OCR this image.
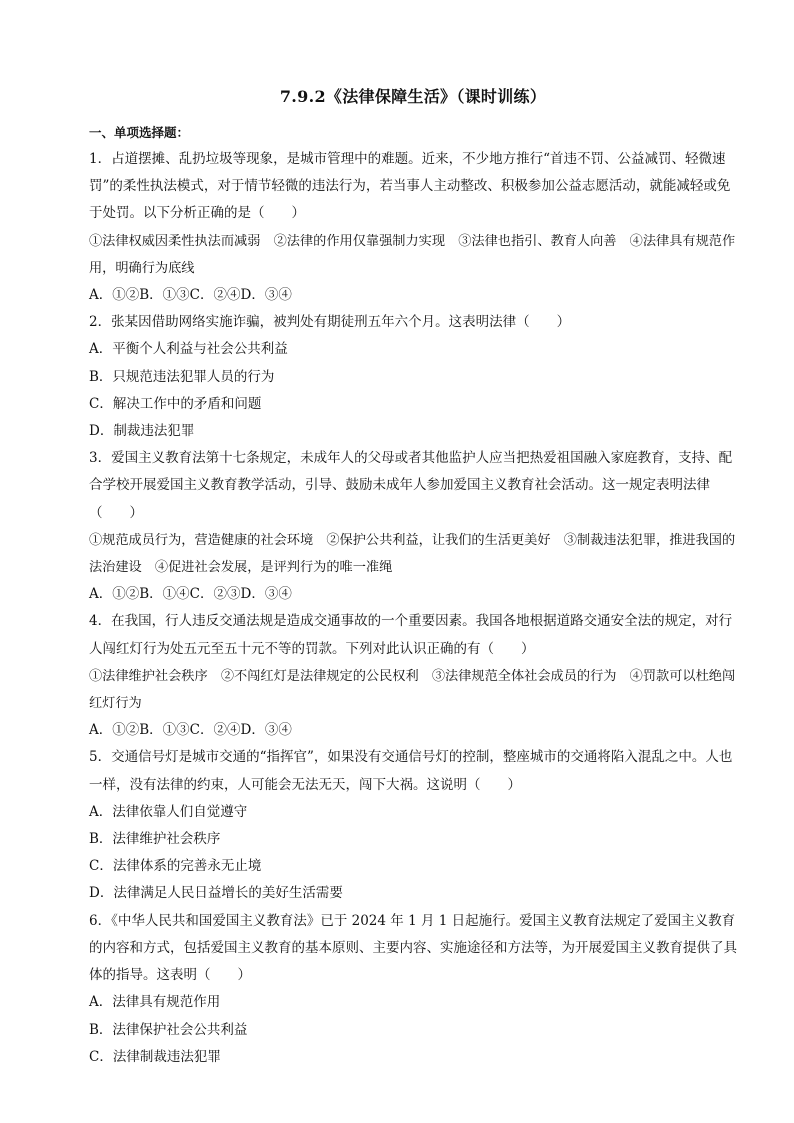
7.9.2《法律保障生活》（课时训练）
一、单项选择题：
1．占道摆摊、乱扔垃圾等现象，是城市管理中的难题。近来，不少地方推行“首违不罚、公益减罚、轻微速罚”的柔性执法模式，对于情节轻微的违法行为，若当事人主动整改、积极参加公益志愿活动，就能减轻或免于处罚。以下分析正确的是（　　）
①法律权威因柔性执法而减弱　②法律的作用仅靠强制力实现　③法律也指引、教育人向善　④法律具有规范作用，明确行为底线
A．①②B．①③C．②④D．③④
2．张某因借助网络实施诈骗，被判处有期徒刑五年六个月。这表明法律（　　）
A．平衡个人利益与社会公共利益
B．只规范违法犯罪人员的行为
C．解决工作中的矛盾和问题
D．制裁违法犯罪
3．爱国主义教育法第十七条规定，未成年人的父母或者其他监护人应当把热爱祖国融入家庭教育，支持、配合学校开展爱国主义教育教学活动，引导、鼓励未成年人参加爱国主义教育社会活动。这一规定表明法律（　　）
①规范成员行为，营造健康的社会环境　②保护公共利益，让我们的生活更美好　③制裁违法犯罪，推进我国的法治建设　④促进社会发展，是评判行为的唯一准绳
A．①②B．①④C．②③D．③④
4．在我国，行人违反交通法规是造成交通事故的一个重要因素。我国各地根据道路交通安全法的规定，对行人闯红灯行为处五元至五十元不等的罚款。下列对此认识正确的有（　　）
①法律维护社会秩序　②不闯红灯是法律规定的公民权利　③法律规范全体社会成员的行为　④罚款可以杜绝闯红灯行为
A．①②B．①③C．②④D．③④
5．交通信号灯是城市交通的“指挥官”，如果没有交通信号灯的控制，整座城市的交通将陷入混乱之中。人也一样，没有法律的约束，人可能会无法无天，闯下大祸。这说明（　　）
A．法律依靠人们自觉遵守
B．法律维护社会秩序
C．法律体系的完善永无止境
D．法律满足人民日益增长的美好生活需要
6．《中华人民共和国爱国主义教育法》已于 2024 年 1 月 1 日起施行。爱国主义教育法规定了爱国主义教育的内容和方式，包括爱国主义教育的基本原则、主要内容、实施途径和方法等，为开展爱国主义教育提供了具体的指导。这表明（　　）
A．法律具有规范作用
B．法律保护社会公共利益
C．法律制裁违法犯罪
